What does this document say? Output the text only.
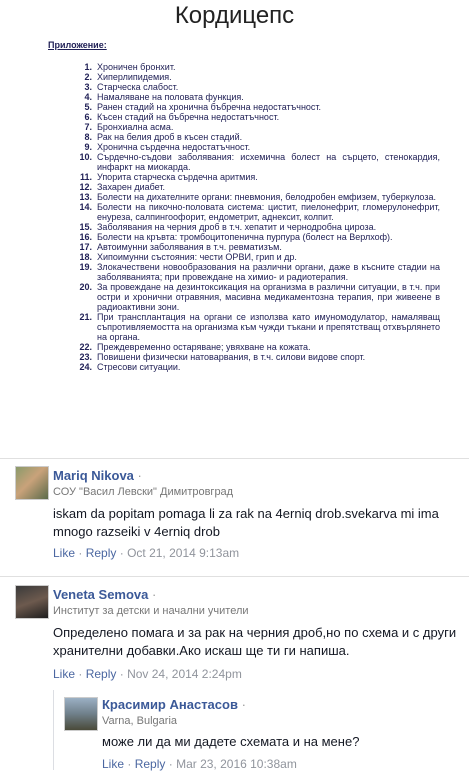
Кордицепс
Приложение:
1. Хроничен бронхит.
2. Хиперлипидемия.
3. Старческа слабост.
4. Намаляване на половата функция.
5. Ранен стадий на хронична бъбречна недостатъчност.
6. Късен стадий на бъбречна недостатъчност.
7. Бронхиална асма.
8. Рак на белия дроб в късен стадий.
9. Хронична сърдечна недостатъчност.
10. Сърдечно-съдови заболявания: исхемична болест на сърцето, стенокардия, инфаркт на миокарда.
11. Упорита старческа сърдечна аритмия.
12. Захарен диабет.
13. Болести на дихателните органи: пневмония, белодробен емфизем, туберкулоза.
14. Болести на пикочно-половата система: цистит, пиелонефрит, гломерулонефрит, енуреза, салпингоофорит, ендометрит, аднексит, колпит.
15. Заболявания на черния дроб в т.ч. хепатит и чернодробна цироза.
16. Болести на кръвта: тромбоцитопенична пурпура (болест на Верлхоф).
17. Автоимунни заболявания в т.ч. ревматизъм.
18. Хипоимунни състояния: чести ОРВИ, грип и др.
19. Злокачествени новообразования на различни органи, даже в късните стадии на заболяванията; при провеждане на химио- и радиотерапия.
20. За провеждане на дезинтоксикация на организма в различни ситуации, в т.ч. при остри и хронични отравяния, масивна медикаментозна терапия, при живеене в радиоактивни зони.
21. При трансплантация на органи се използва като имуномодулатор, намаляващ съпротивляемостта на организма към чужди тъкани и препятстващ отхвърлянето на органа.
22. Преждевременно остаряване; увяхване на кожата.
23. Повишени физически натоварвания, в т.ч. силови видове спорт.
24. Стресови ситуации.
Mariq Nikova ·
СОУ "Васил Левски" Димитровград
iskam da popitam pomaga li za rak na 4erniq drob.svekarva mi ima mnogo razseiki v 4erniq drob
Like · Reply · Oct 21, 2014 9:13am
Veneta Semova ·
Институт за детски и начални учители
Определено помага и за рак на черния дроб,но по схема и с други хранителни добавки.Ако искаш ще ти ги напиша.
Like · Reply · Nov 24, 2014 2:24pm
Красимир Анастасов ·
Varna, Bulgaria
може ли да ми дадете схемата и на мене?
Like · Reply · Mar 23, 2016 10:38am
